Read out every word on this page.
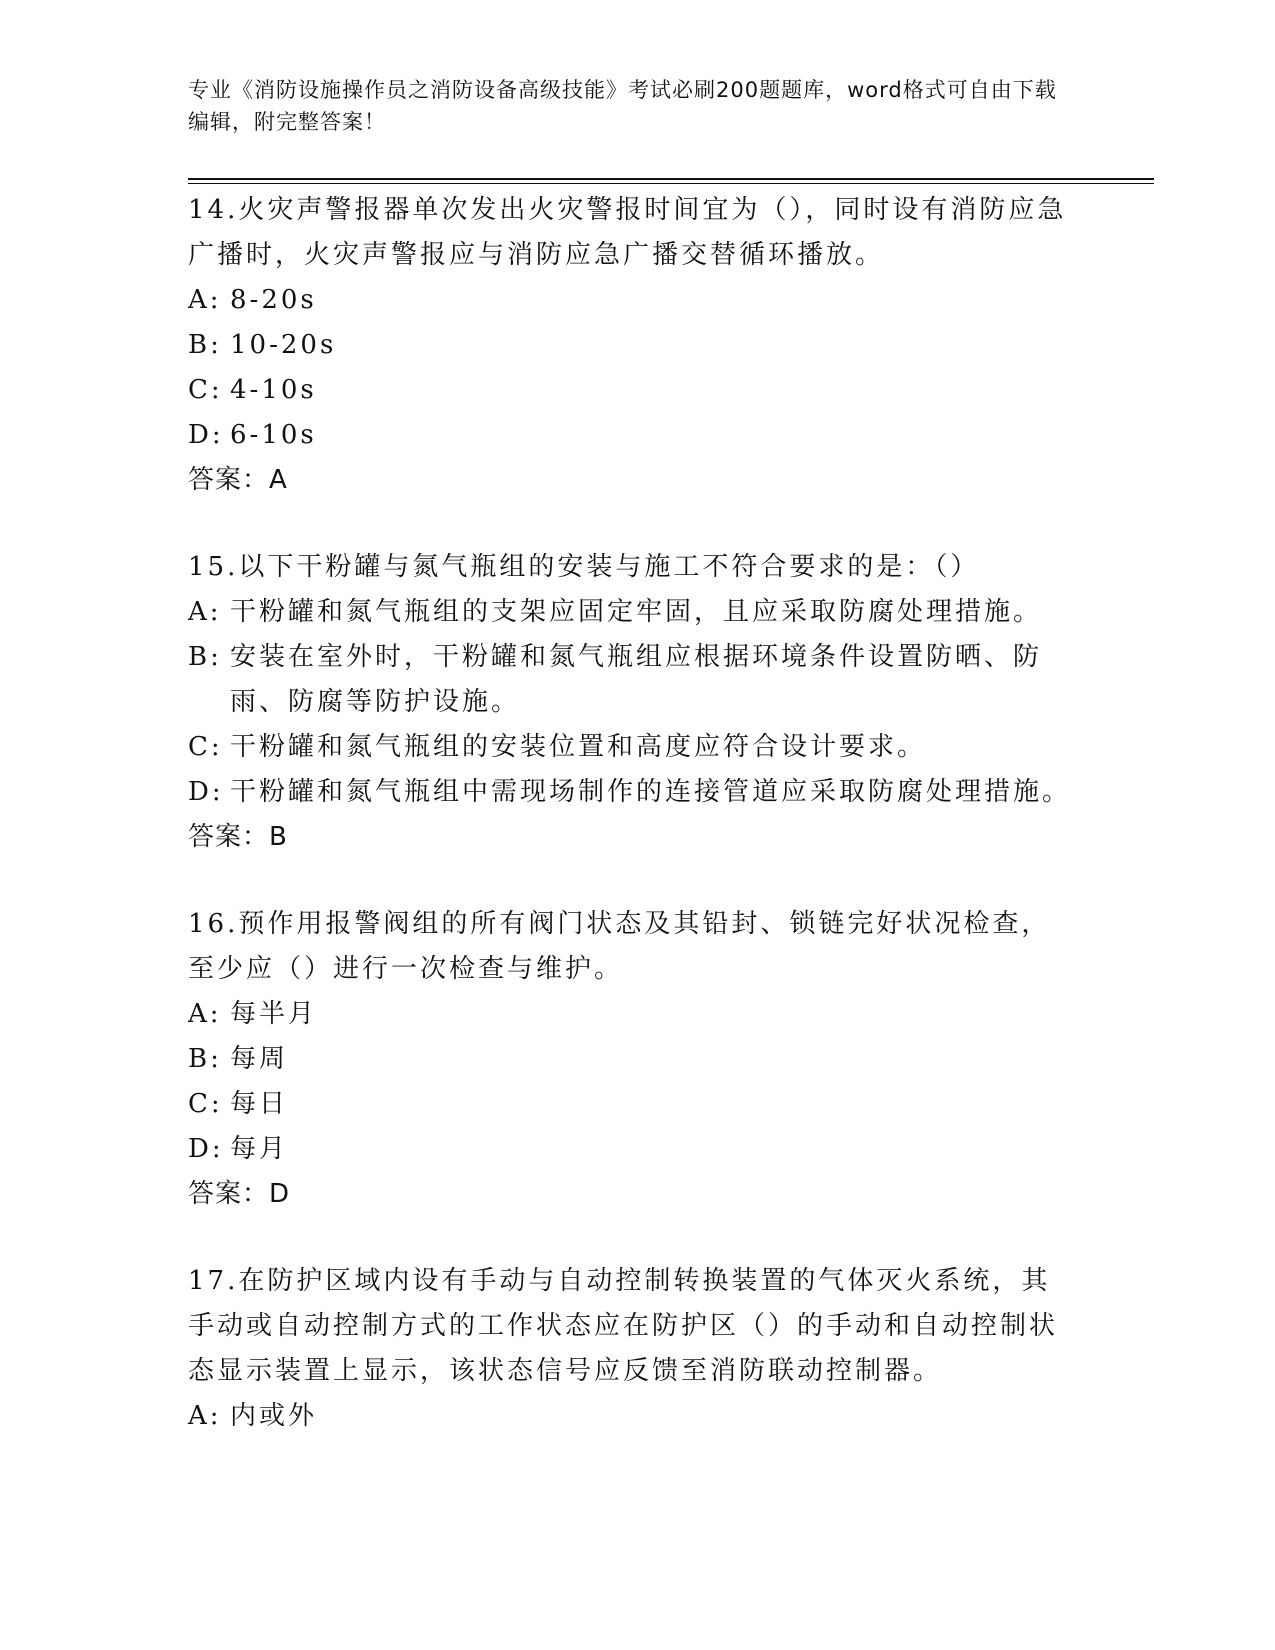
专业《消防设施操作员之消防设备高级技能》考试必刷200题题库，word格式可自由下载编辑，附完整答案！

14.火灾声警报器单次发出火灾警报时间宜为（），同时设有消防应急广播时，火灾声警报应与消防应急广播交替循环播放。

A: 8-20s
B: 10-20s
C: 4-10s
D: 6-10s

答案：A

15.以下干粉罐与氮气瓶组的安装与施工不符合要求的是：（）

A: 干粉罐和氮气瓶组的支架应固定牢固，且应采取防腐处理措施。
B: 安装在室外时，干粉罐和氮气瓶组应根据环境条件设置防晒、防雨、防腐等防护设施。
C: 干粉罐和氮气瓶组的安装位置和高度应符合设计要求。
D: 干粉罐和氮气瓶组中需现场制作的连接管道应采取防腐处理措施。

答案：B

16.预作用报警阀组的所有阀门状态及其铅封、锁链完好状况检查，至少应（）进行一次检查与维护。

A: 每半月
B: 每周
C: 每日
D: 每月

答案：D

17.在防护区域内设有手动与自动控制转换装置的气体灭火系统，其手动或自动控制方式的工作状态应在防护区（）的手动和自动控制状态显示装置上显示，该状态信号应反馈至消防联动控制器。

A: 内或外
